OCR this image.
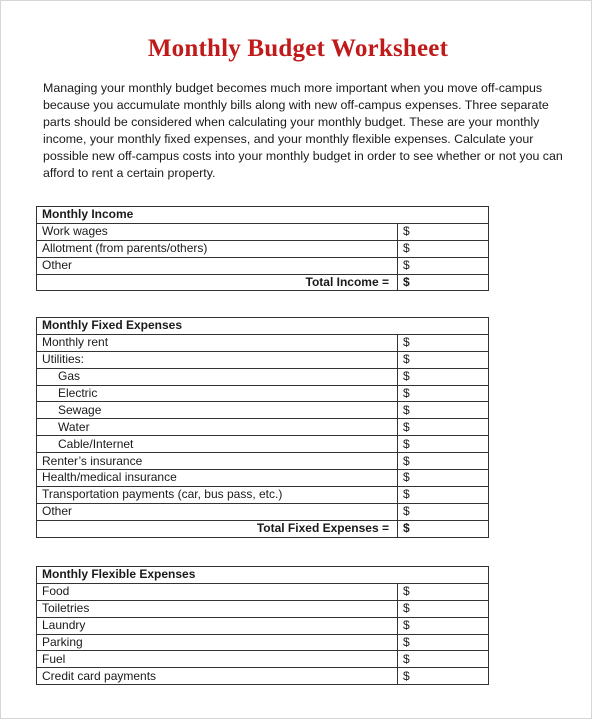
Monthly Budget Worksheet
Managing your monthly budget becomes much more important when you move off-campus because you accumulate monthly bills along with new off-campus expenses. Three separate parts should be considered when calculating your monthly budget. These are your monthly income, your monthly fixed expenses, and your monthly flexible expenses. Calculate your possible new off-campus costs into your monthly budget in order to see whether or not you can afford to rent a certain property.
Monthly Income	
Work wages	$
Allotment (from parents/others)	$
Other	$
Total Income =	$
Monthly Fixed Expenses	
Monthly rent	$
Utilities:	$
Gas	$
Electric	$
Sewage	$
Water	$
Cable/Internet	$
Renter’s insurance	$
Health/medical insurance	$
Transportation payments (car, bus pass, etc.)	$
Other	$
Total Fixed Expenses =	$
Monthly Flexible Expenses	
Food	$
Toiletries	$
Laundry	$
Parking	$
Fuel	$
Credit card payments	$
